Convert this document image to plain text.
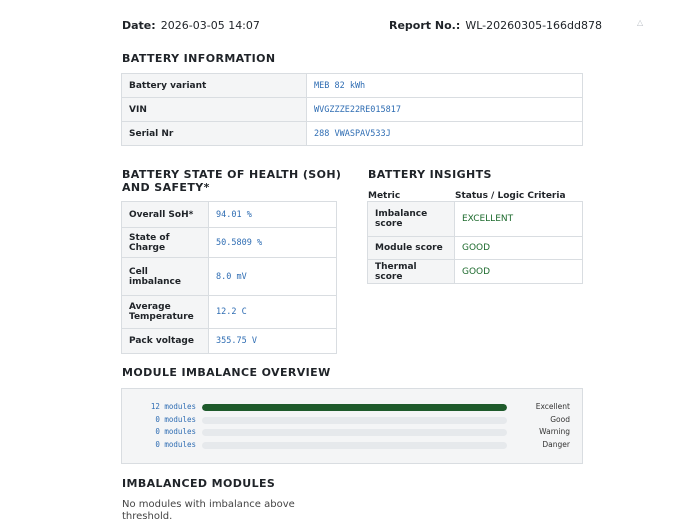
Date: 2026-03-05 14:07	Report No.: WL-20260305-166dd878	△
BATTERY INFORMATION
Battery variant	MEB 82 kWh
VIN	WVGZZZE22RE015817
Serial Nr	288 VWASPAV533J
BATTERY STATE OF HEALTH (SOH)
AND SAFETY*
Overall SoH*	94.01 %
State of
Charge	50.5809 %
Cell
imbalance	8.0 mV
Average
Temperature	12.2 C
Pack voltage	355.75 V
BATTERY INSIGHTS
Metric	Status / Logic Criteria
Imbalance
score	EXCELLENT
Module score	GOOD
Thermal score	GOOD
MODULE IMBALANCE OVERVIEW
12 modules	Excellent
0 modules	Good
0 modules	Warning
0 modules	Danger
IMBALANCED MODULES
No modules with imbalance above
threshold.
